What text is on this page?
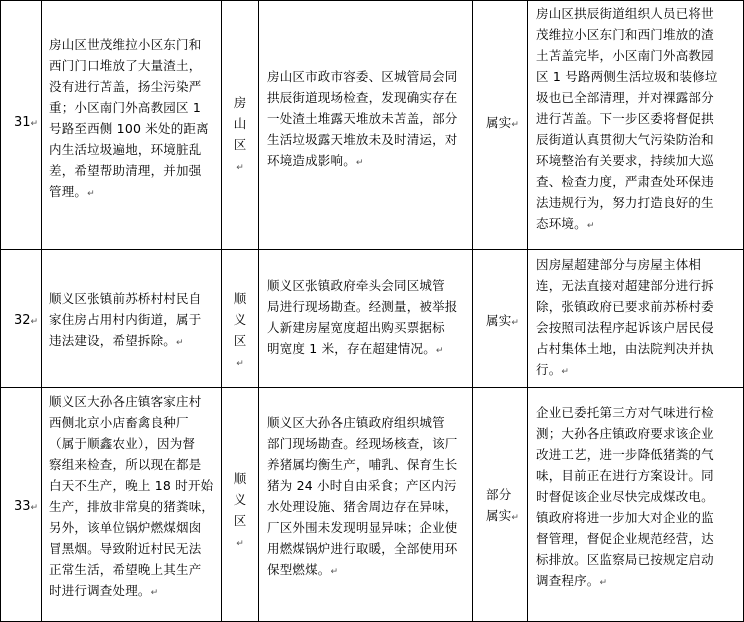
31↵
房山区世茂维拉小区东门和
西门门口堆放了大量渣土，
没有进行苫盖，扬尘污染严
重；小区南门外高教园区 1
号路至西侧 100 米处的距离
内生活垃圾遍地，环境脏乱
差，希望帮助清理，并加强
管理。↵
房 山 区↵
房山区市政市容委、区城管局会同
拱辰街道现场检查，发现确实存在
一处渣土堆露天堆放未苫盖，部分
生活垃圾露天堆放未及时清运，对
环境造成影响。↵
属实↵
房山区拱辰街道组织人员已将世
茂维拉小区东门和西门堆放的渣
土苫盖完毕，小区南门外高教园
区 1 号路两侧生活垃圾和装修垃
圾也已全部清理，并对裸露部分
进行苫盖。下一步区委将督促拱
辰街道认真贯彻大气污染防治和
环境整治有关要求，持续加大巡
查、检查力度，严肃查处环保违
法违规行为，努力打造良好的生
态环境。↵
32↵
顺义区张镇前苏桥村村民自
家住房占用村内街道，属于
违法建设，希望拆除。↵
顺 义 区↵
顺义区张镇政府牵头会同区城管
局进行现场勘查。经测量，被举报
人新建房屋宽度超出购买票据标
明宽度 1 米，存在超建情况。↵
属实↵
因房屋超建部分与房屋主体相
连，无法直接对超建部分进行拆
除，张镇政府已要求前苏桥村委
会按照司法程序起诉该户居民侵
占村集体土地，由法院判决并执
行。↵
33↵
顺义区大孙各庄镇客家庄村
西侧北京小店畜禽良种厂
（属于顺鑫农业），因为督
察组来检查，所以现在都是
白天不生产，晚上 18 时开始
生产，排放非常臭的猪粪味，
另外，该单位锅炉燃煤烟囱
冒黑烟。导致附近村民无法
正常生活，希望晚上其生产
时进行调查处理。↵
顺 义 区↵
顺义区大孙各庄镇政府组织城管
部门现场勘查。经现场核查，该厂
养猪属均衡生产，哺乳、保育生长
猪为 24 小时自由采食；产区内污
水处理设施、猪舍周边存在异味，
厂区外围未发现明显异味；企业使
用燃煤锅炉进行取暖，全部使用环
保型燃煤。↵
部分
属实↵
企业已委托第三方对气味进行检
测；大孙各庄镇政府要求该企业
改进工艺，进一步降低猪粪的气
味，目前正在进行方案设计。同
时督促该企业尽快完成煤改电。
镇政府将进一步加大对企业的监
督管理，督促企业规范经营，达
标排放。区监察局已按规定启动
调查程序。↵
